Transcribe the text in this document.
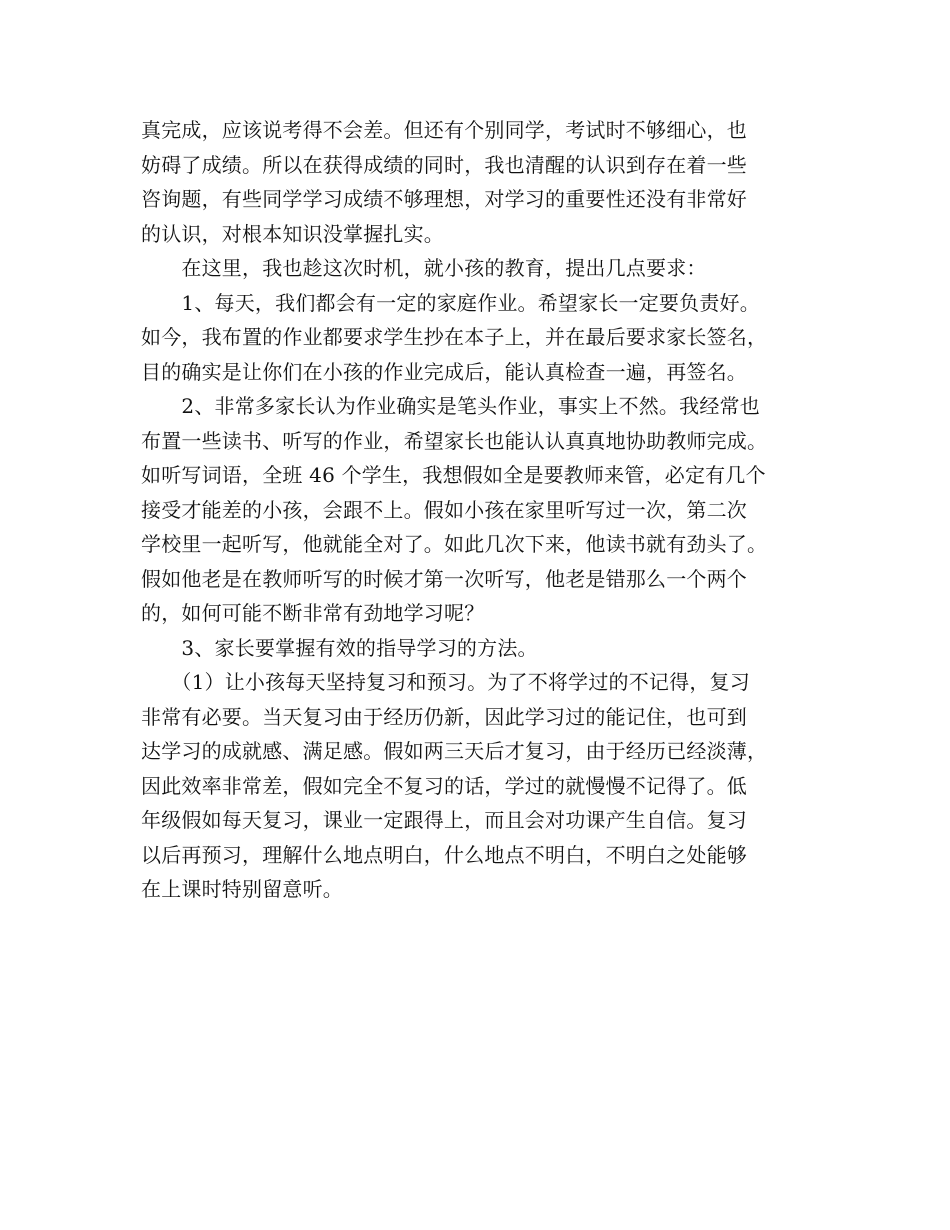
真完成，应该说考得不会差。但还有个别同学，考试时不够细心，也
妨碍了成绩。所以在获得成绩的同时，我也清醒的认识到存在着一些
咨询题，有些同学学习成绩不够理想，对学习的重要性还没有非常好
的认识，对根本知识没掌握扎实。
　　在这里，我也趁这次时机，就小孩的教育，提出几点要求：
　　1、每天，我们都会有一定的家庭作业。希望家长一定要负责好。
如今，我布置的作业都要求学生抄在本子上，并在最后要求家长签名，
目的确实是让你们在小孩的作业完成后，能认真检查一遍，再签名。
　　2、非常多家长认为作业确实是笔头作业，事实上不然。我经常也
布置一些读书、听写的作业，希望家长也能认认真真地协助教师完成。
如听写词语，全班 46 个学生，我想假如全是要教师来管，必定有几个
接受才能差的小孩，会跟不上。假如小孩在家里听写过一次，第二次
学校里一起听写，他就能全对了。如此几次下来，他读书就有劲头了。
假如他老是在教师听写的时候才第一次听写，他老是错那么一个两个
的，如何可能不断非常有劲地学习呢？
　　3、家长要掌握有效的指导学习的方法。
　　（1）让小孩每天坚持复习和预习。为了不将学过的不记得，复习
非常有必要。当天复习由于经历仍新，因此学习过的能记住，也可到
达学习的成就感、满足感。假如两三天后才复习，由于经历已经淡薄，
因此效率非常差，假如完全不复习的话，学过的就慢慢不记得了。低
年级假如每天复习，课业一定跟得上，而且会对功课产生自信。复习
以后再预习，理解什么地点明白，什么地点不明白，不明白之处能够
在上课时特别留意听。
